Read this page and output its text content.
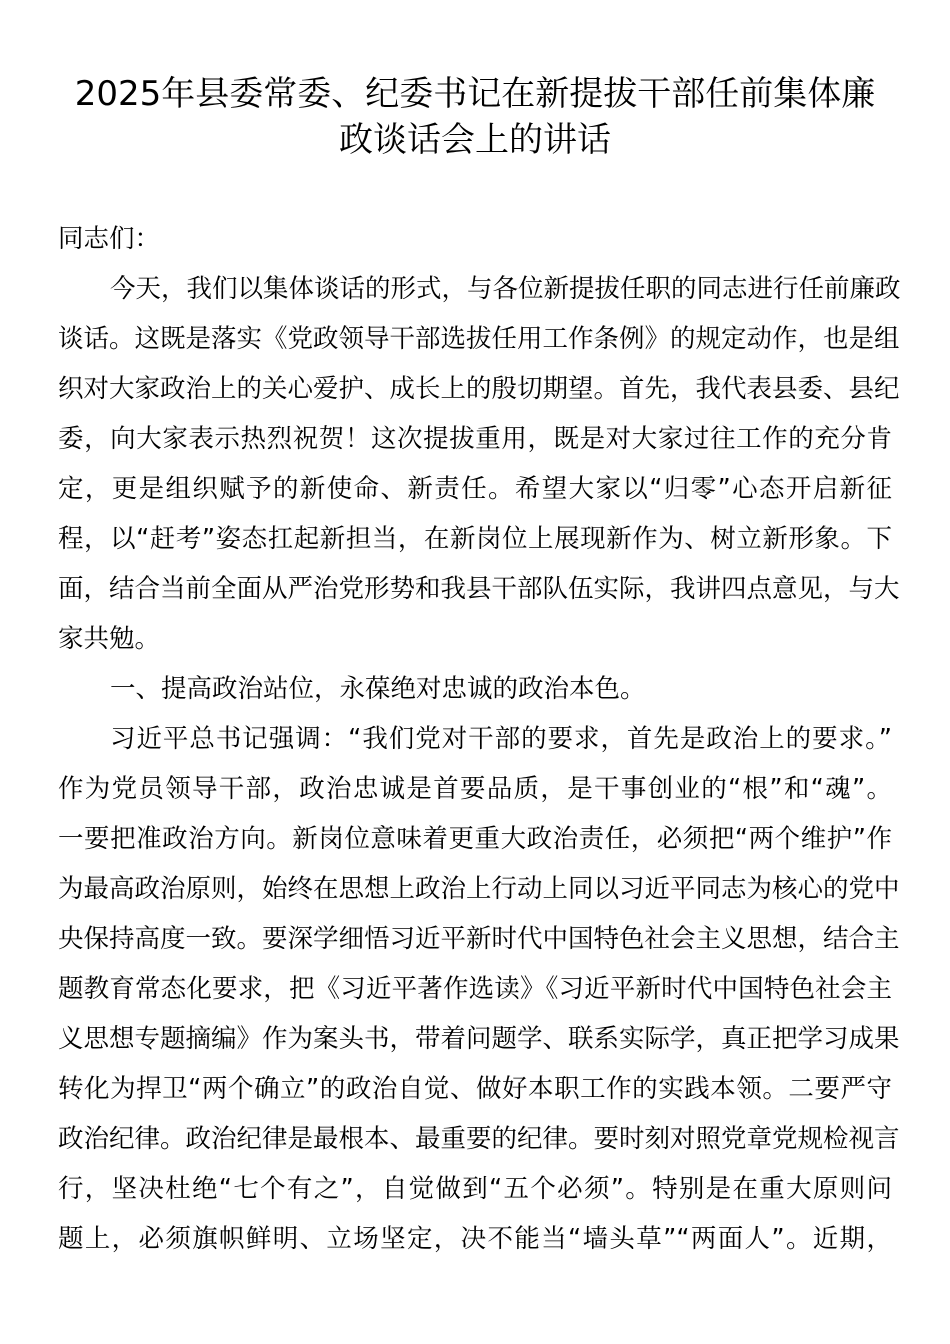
2025年县委常委、纪委书记在新提拔干部任前集体廉
政谈话会上的讲话
同志们：
今天，我们以集体谈话的形式，与各位新提拔任职的同志进行任前廉政
谈话。这既是落实《党政领导干部选拔任用工作条例》的规定动作，也是组
织对大家政治上的关心爱护、成长上的殷切期望。首先，我代表县委、县纪
委，向大家表示热烈祝贺！这次提拔重用，既是对大家过往工作的充分肯
定，更是组织赋予的新使命、新责任。希望大家以“归零”心态开启新征
程，以“赶考”姿态扛起新担当，在新岗位上展现新作为、树立新形象。下
面，结合当前全面从严治党形势和我县干部队伍实际，我讲四点意见，与大
家共勉。
一、提高政治站位，永葆绝对忠诚的政治本色。
习近平总书记强调：“我们党对干部的要求，首先是政治上的要求。”
作为党员领导干部，政治忠诚是首要品质，是干事创业的“根”和“魂”。
一要把准政治方向。新岗位意味着更重大政治责任，必须把“两个维护”作
为最高政治原则，始终在思想上政治上行动上同以习近平同志为核心的党中
央保持高度一致。要深学细悟习近平新时代中国特色社会主义思想，结合主
题教育常态化要求，把《习近平著作选读》《习近平新时代中国特色社会主
义思想专题摘编》作为案头书，带着问题学、联系实际学，真正把学习成果
转化为捍卫“两个确立”的政治自觉、做好本职工作的实践本领。二要严守
政治纪律。政治纪律是最根本、最重要的纪律。要时刻对照党章党规检视言
行，坚决杜绝“七个有之”，自觉做到“五个必须”。特别是在重大原则问
题上，必须旗帜鲜明、立场坚定，决不能当“墙头草”“两面人”。近期，
